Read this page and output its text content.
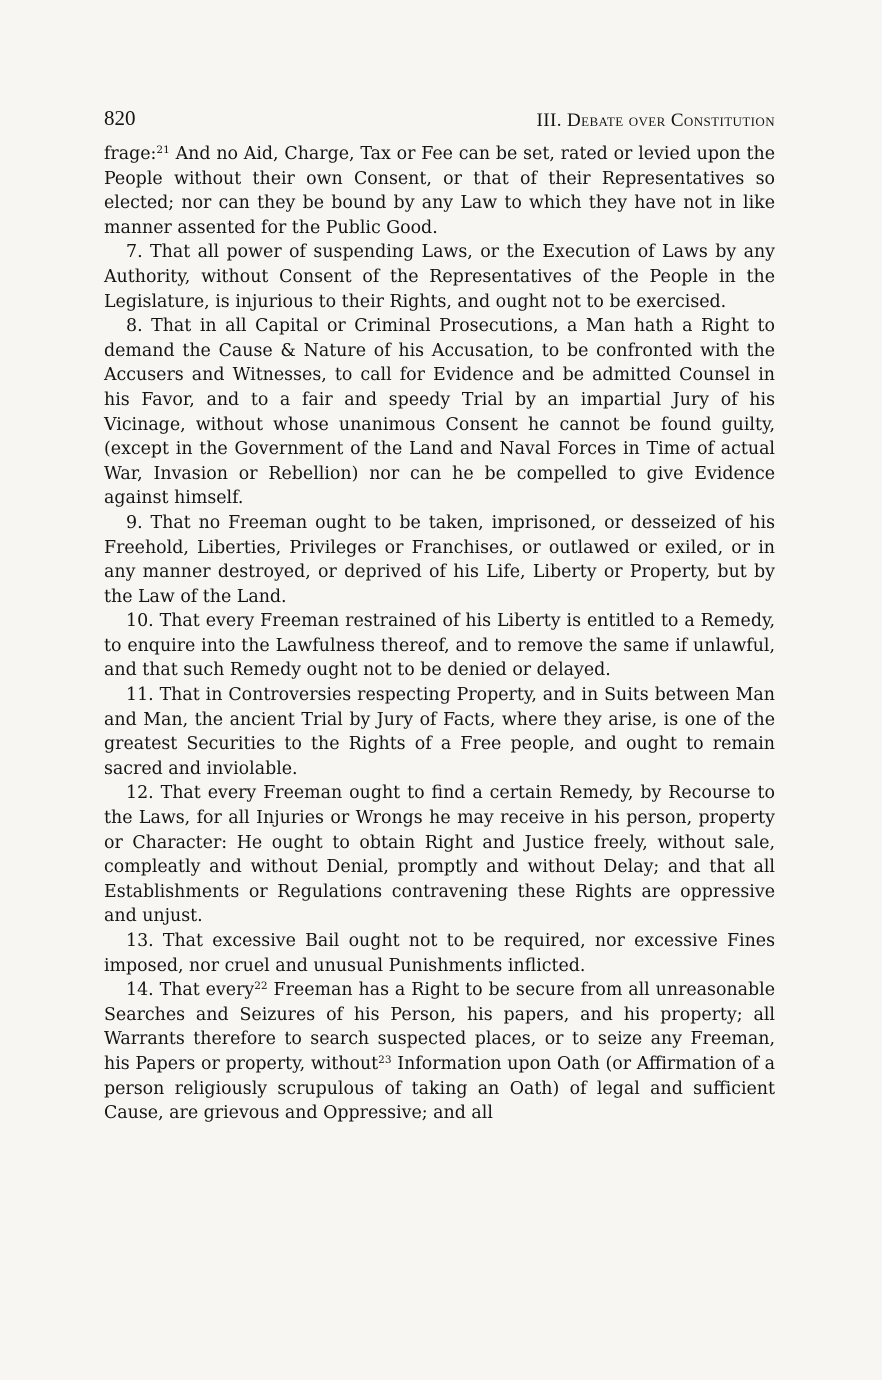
820	III. Debate over Constitution

frage:$^{21}$ And no Aid, Charge, Tax or Fee can be set, rated or levied upon the People without their own Consent, or that of their Representatives so elected; nor can they be bound by any Law to which they have not in like manner assented for the Public Good.

7. That all power of suspending Laws, or the Execution of Laws by any Authority, without Consent of the Representatives of the People in the Legislature, is injurious to their Rights, and ought not to be exercised.

8. That in all Capital or Criminal Prosecutions, a Man hath a Right to demand the Cause & Nature of his Accusation, to be confronted with the Accusers and Witnesses, to call for Evidence and be admitted Counsel in his Favor, and to a fair and speedy Trial by an impartial Jury of his Vicinage, without whose unanimous Consent he cannot be found guilty, (except in the Government of the Land and Naval Forces in Time of actual War, Invasion or Rebellion) nor can he be compelled to give Evidence against himself.

9. That no Freeman ought to be taken, imprisoned, or desseized of his Freehold, Liberties, Privileges or Franchises, or outlawed or exiled, or in any manner destroyed, or deprived of his Life, Liberty or Property, but by the Law of the Land.

10. That every Freeman restrained of his Liberty is entitled to a Remedy, to enquire into the Lawfulness thereof, and to remove the same if unlawful, and that such Remedy ought not to be denied or delayed.

11. That in Controversies respecting Property, and in Suits between Man and Man, the ancient Trial by Jury of Facts, where they arise, is one of the greatest Securities to the Rights of a Free people, and ought to remain sacred and inviolable.

12. That every Freeman ought to find a certain Remedy, by Recourse to the Laws, for all Injuries or Wrongs he may receive in his person, property or Character: He ought to obtain Right and Justice freely, without sale, compleatly and without Denial, promptly and without Delay; and that all Establishments or Regulations contravening these Rights are oppressive and unjust.

13. That excessive Bail ought not to be required, nor excessive Fines imposed, nor cruel and unusual Punishments inflicted.

14. That every$^{22}$ Freeman has a Right to be secure from all unreasonable Searches and Seizures of his Person, his papers, and his property; all Warrants therefore to search suspected places, or to seize any Freeman, his Papers or property, without$^{23}$ Information upon Oath (or Affirmation of a person religiously scrupulous of taking an Oath) of legal and sufficient Cause, are grievous and Oppressive; and all
